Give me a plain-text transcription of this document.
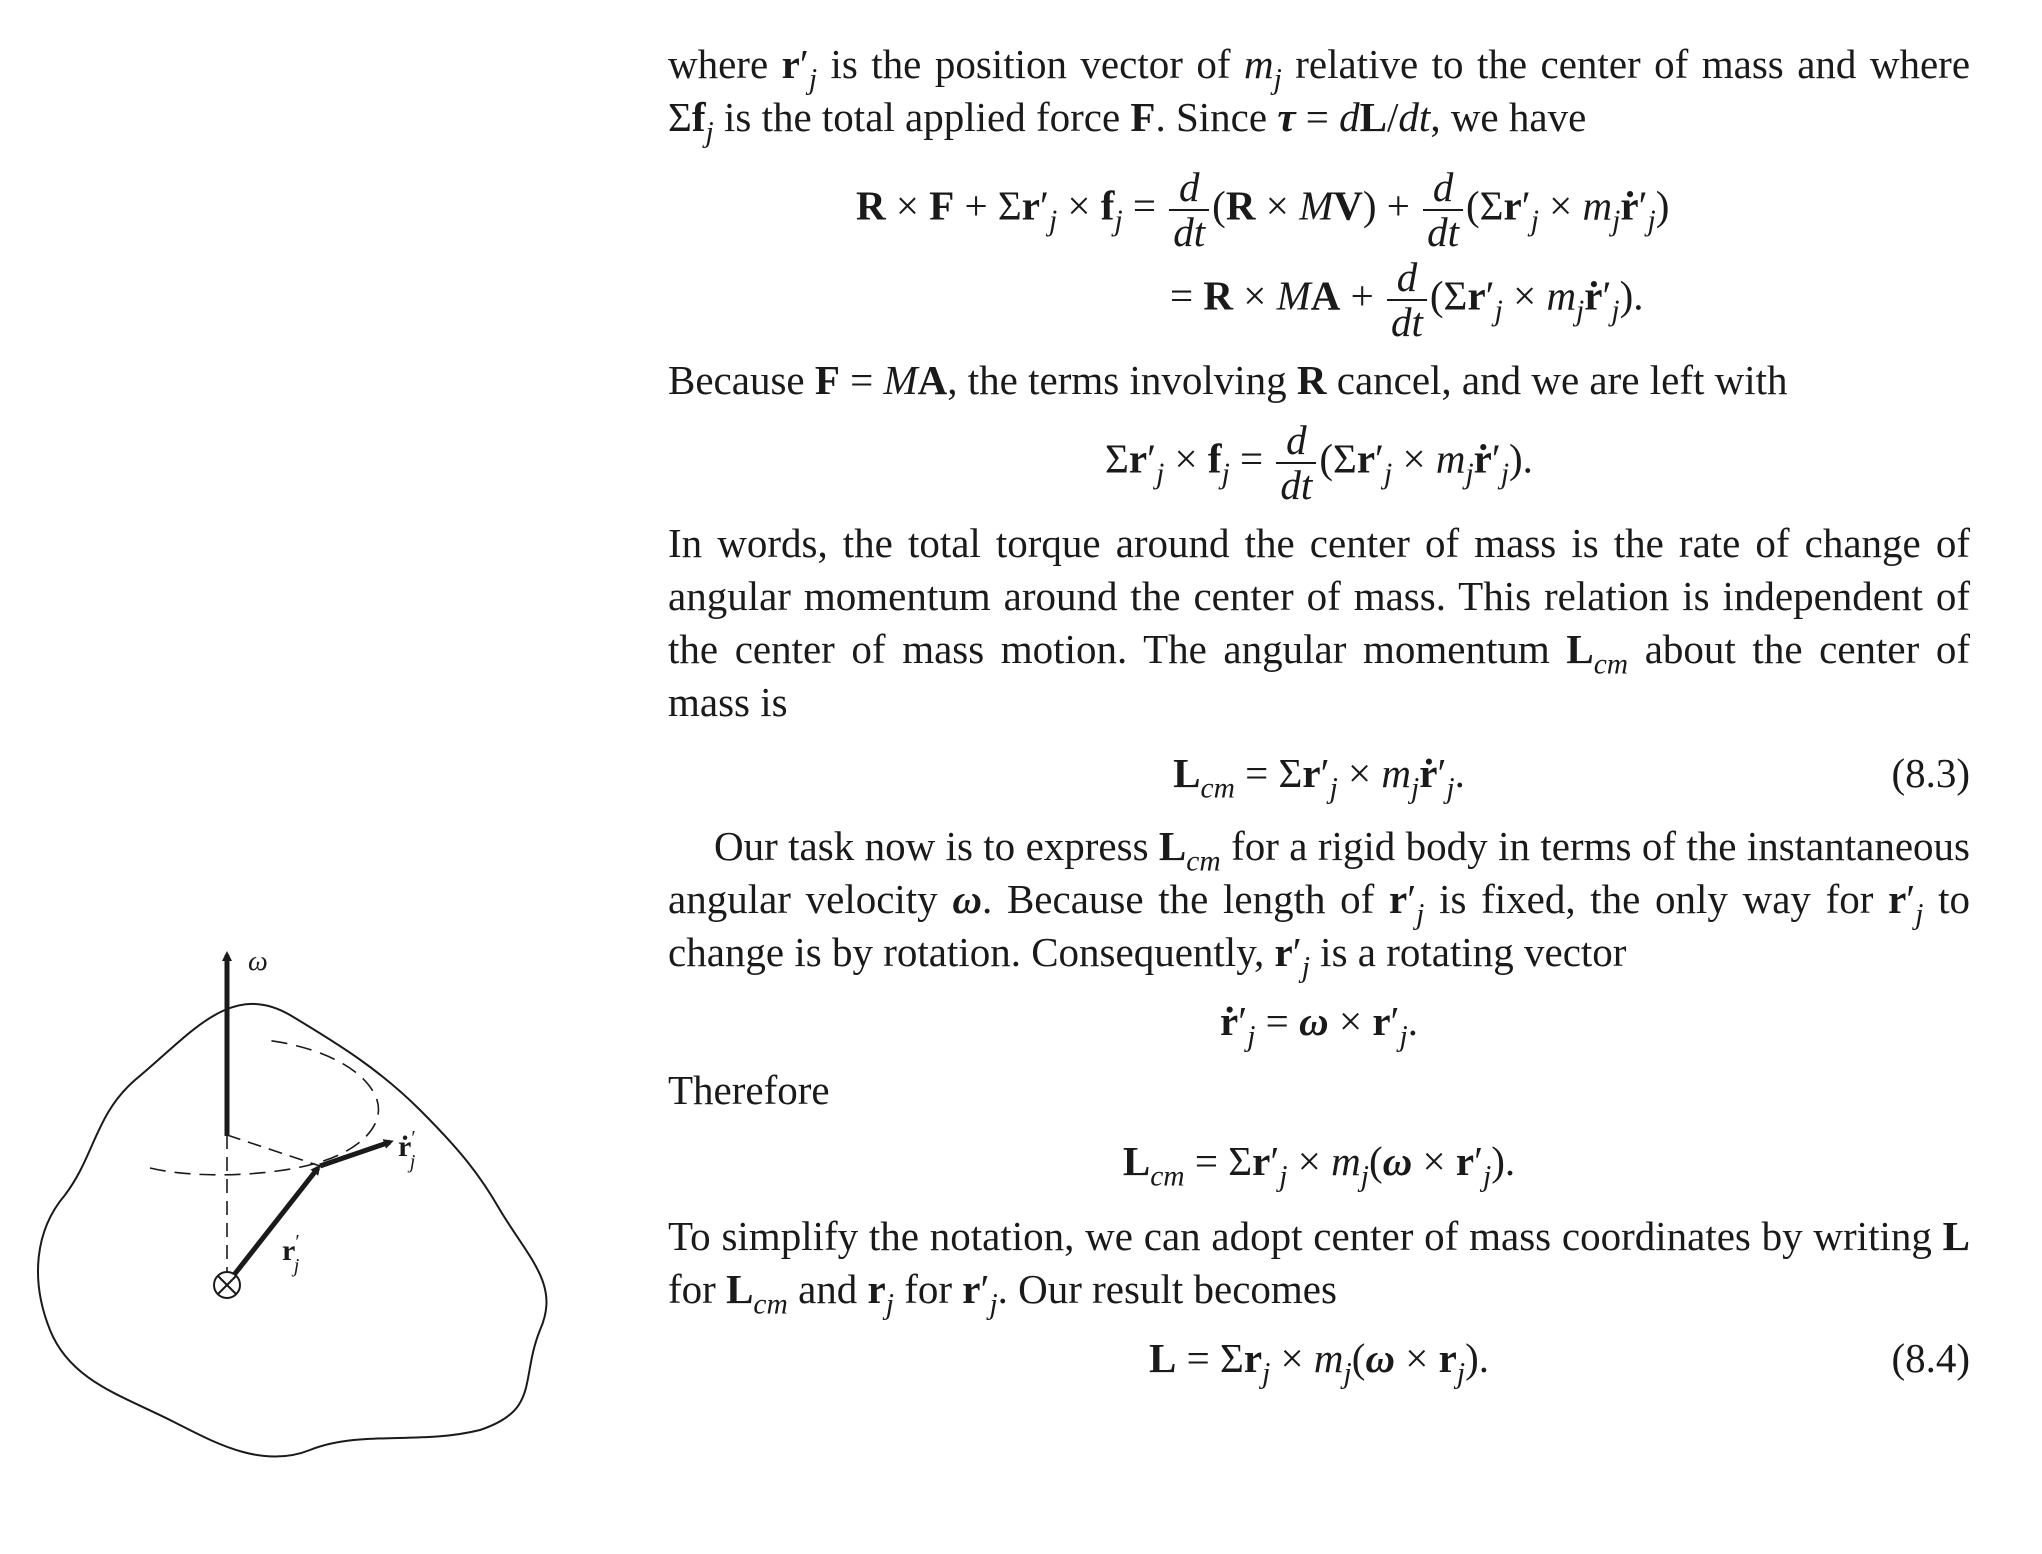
where $r'_j$ is the position vector of $m_j$ relative to the center of mass and where $\Sigma f_j$ is the total applied force F. Since τ = dL/dt, we have

$R \times F + \Sigma r'_j \times f_j = \frac{d}{dt} (R \times MV) + \frac{d}{dt} (\Sigma r'_j$ × $m_jṙ'_j$)
= R × MA + $\frac{d}{dt} (\Sigma r'_j$ × $m_jṙ'_j$).

Because F = MA, the terms involving R cancel, and we are left with

$\Sigma r'_j \times f_j = \frac{d}{dt} (\Sigma r'_j$ × $m_jṙ'_j$).

In words, the total torque around the center of mass is the rate of change of angular momentum around the center of mass. This relation is independent of the center of mass motion. The angular momentum $L_{cm}$ about the center of mass is

$L_{cm} = \Sigma r'_j$ × $m_jṙ'_j$.	(8.3)

Our task now is to express $L_{cm}$ for a rigid body in terms of the instantaneous angular velocity ω. Because the length of $r'_j$ is fixed, the only way for $r'_j$ to change is by rotation. Consequently, $r'_j$ is a rotating vector

$ṙ'_j = \omega \times r'_j$.

Therefore

$L_{cm} = \Sigma r'_j \times m_j(\omega \times r'_j)$.

To simplify the notation, we can adopt center of mass coordinates by writing L for $L_{cm}$ and $r_j$ for $r'_j$. Our result becomes

$L = \Sigma r_j \times m_j(\omega \times r_j)$.	(8.4)
ω
r′ j
ṙ′ j
